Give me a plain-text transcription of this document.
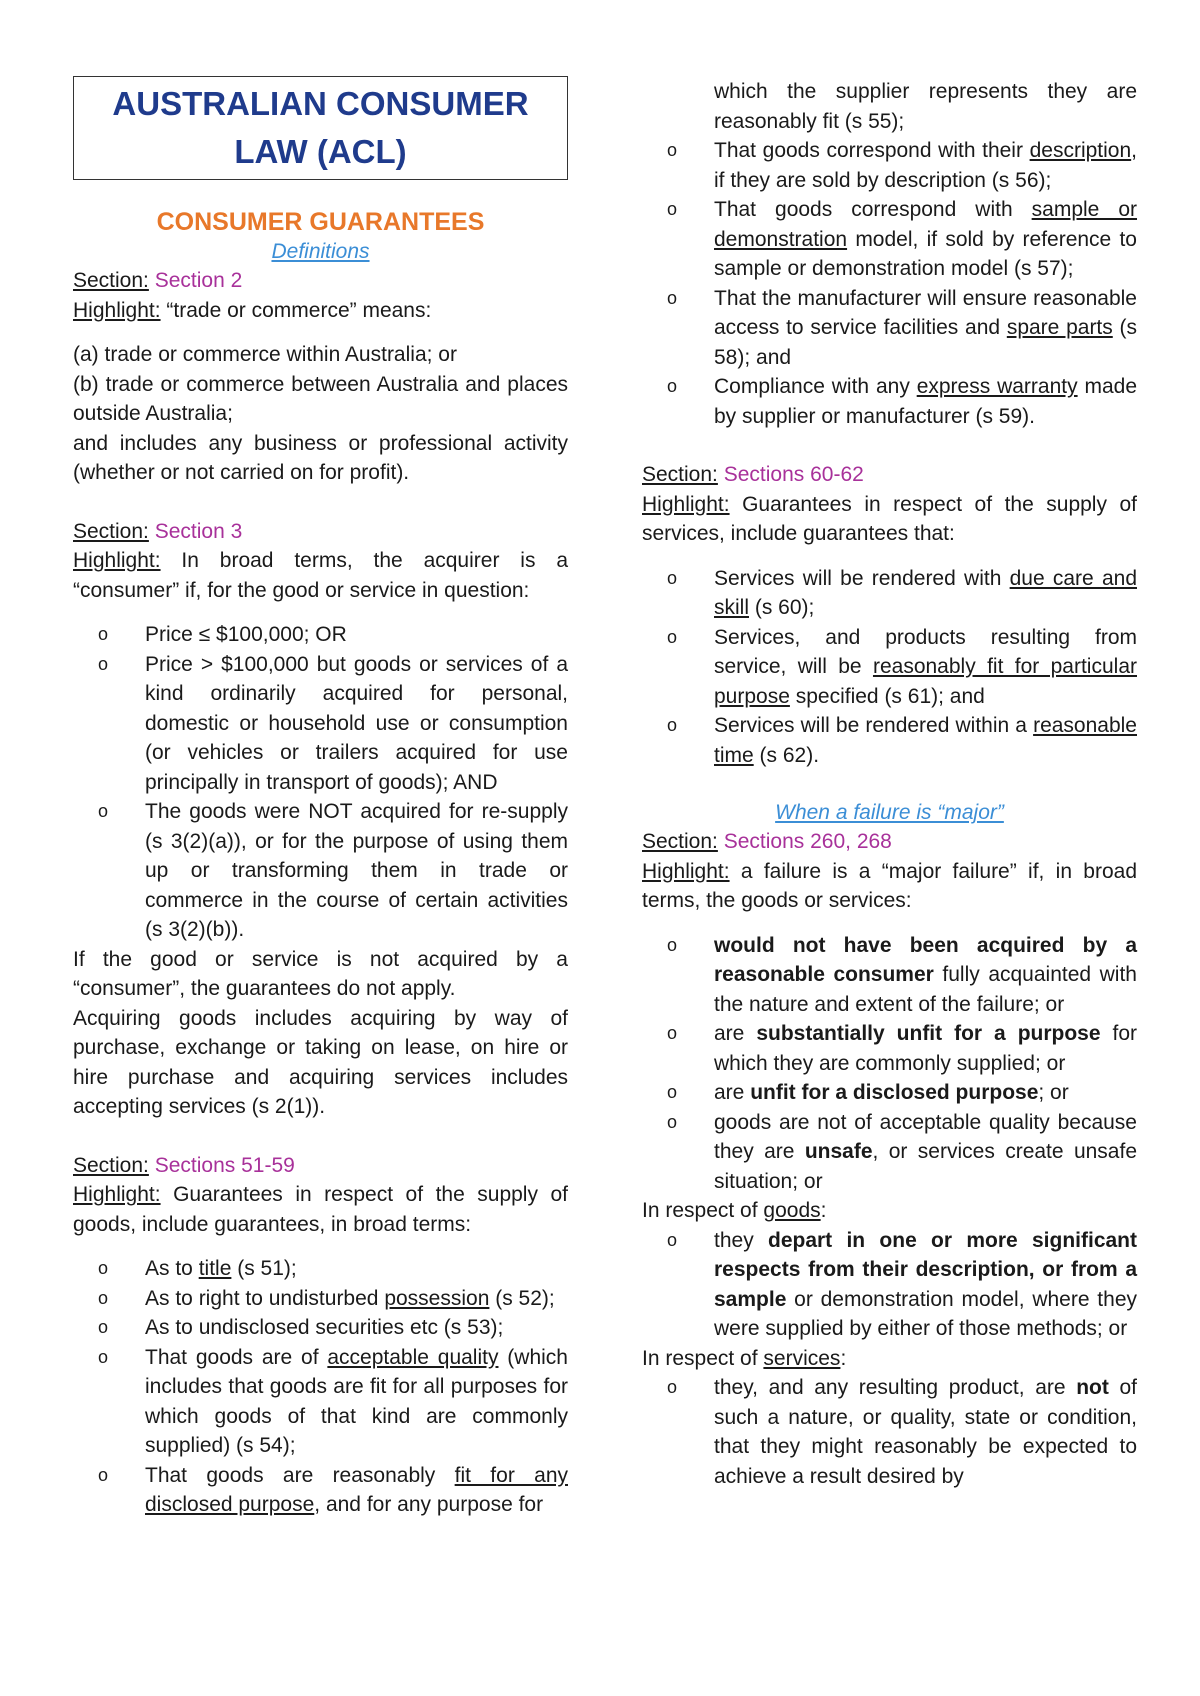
AUSTRALIAN CONSUMER
LAW (ACL)
CONSUMER GUARANTEES
Definitions

Section: Section 2

Highlight: “trade or commerce” means:

(a) trade or commerce within Australia; or

(b) trade or commerce between Australia and places outside Australia;

and includes any business or professional activity (whether or not carried on for profit).

Section: Section 3

Highlight: In broad terms, the acquirer is a “consumer” if, for the good or service in question:

o Price ≤ $100,000; OR
o Price > $100,000 but goods or services of a kind ordinarily acquired for personal, domestic or household use or consumption (or vehicles or trailers acquired for use principally in transport of goods); AND
o The goods were NOT acquired for re-supply (s 3(2)(a)), or for the purpose of using them up or transforming them in trade or commerce in the course of certain activities (s 3(2)(b)).

If the good or service is not acquired by a “consumer”, the guarantees do not apply.

Acquiring goods includes acquiring by way of purchase, exchange or taking on lease, on hire or hire purchase and acquiring services includes accepting services (s 2(1)).

Section: Sections 51-59

Highlight: Guarantees in respect of the supply of goods, include guarantees, in broad terms:

o As to title (s 51);
o As to right to undisturbed possession (s 52);
o As to undisclosed securities etc (s 53);
o That goods are of acceptable quality (which includes that goods are fit for all purposes for which goods of that kind are commonly supplied) (s 54);
o That goods are reasonably fit for any disclosed purpose, and for any purpose for
which the supplier represents they are reasonably fit (s 55);
o That goods correspond with their description, if they are sold by description (s 56);
o That goods correspond with sample or demonstration model, if sold by reference to sample or demonstration model (s 57);
o That the manufacturer will ensure reasonable access to service facilities and spare parts (s 58); and
o Compliance with any express warranty made by supplier or manufacturer (s 59).

Section: Sections 60-62

Highlight: Guarantees in respect of the supply of services, include guarantees that:

o Services will be rendered with due care and skill (s 60);
o Services, and products resulting from service, will be reasonably fit for particular purpose specified (s 61); and
o Services will be rendered within a reasonable time (s 62).
When a failure is “major”

Section: Sections 260, 268

Highlight: a failure is a “major failure” if, in broad terms, the goods or services:

o would not have been acquired by a reasonable consumer fully acquainted with the nature and extent of the failure; or
o are substantially unfit for a purpose for which they are commonly supplied; or
o are unfit for a disclosed purpose; or
o goods are not of acceptable quality because they are unsafe, or services create unsafe situation; or

In respect of goods:

o they depart in one or more significant respects from their description, or from a sample or demonstration model, where they were supplied by either of those methods; or

In respect of services:

o they, and any resulting product, are not of such a nature, or quality, state or condition, that they might reasonably be expected to achieve a result desired by
